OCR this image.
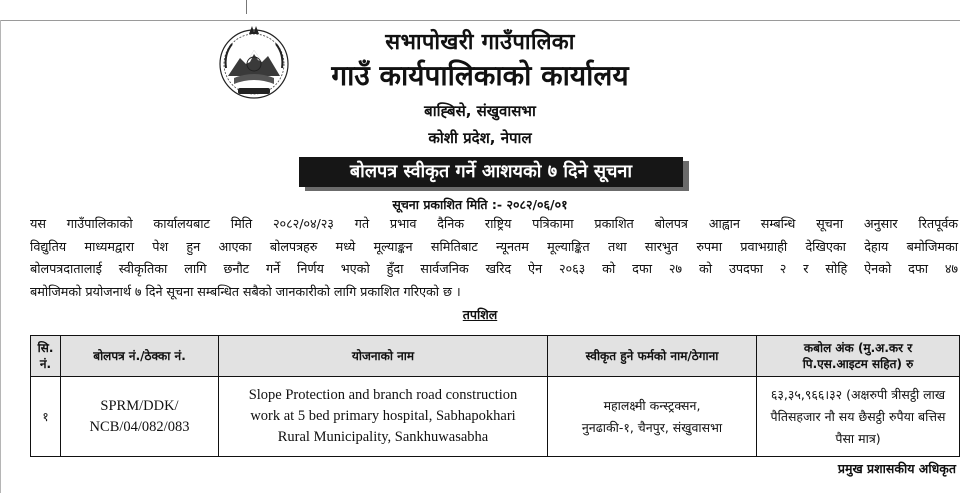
सभापोखरी गाउँपालिका
गाउँ कार्यपालिकाको कार्यालय
बाह्बिसे, संखुवासभा
कोशी प्रदेश, नेपाल
बोलपत्र स्वीकृत गर्ने आशयको ७ दिने सूचना
सूचना प्रकाशित मिति :- २०८२/०६/०१
यस गाउँपालिकाको कार्यालयबाट मिति २०८२/०४/२३ गते प्रभाव दैनिक राष्ट्रिय पत्रिकामा प्रकाशित बोलपत्र आह्वान सम्बन्धि सूचना अनुसार रितपूर्वक
विद्युतिय माध्यमद्वारा पेश हुन आएका बोलपत्रहरु मध्ये मूल्याङ्कन समितिबाट न्यूनतम मूल्याङ्कित तथा सारभुत रुपमा प्रवाभग्राही देखिएका देहाय बमोजिमका
बोलपत्रदातालाई स्वीकृतिका लागि छनौट गर्ने निर्णय भएको हुँदा सार्वजनिक खरिद ऐन २०६३ को दफा २७ को उपदफा २ र सोहि ऐनको दफा ४७
बमोजिमको प्रयोजनार्थ ७ दिने सूचना सम्बन्धित सबैको जानकारीको लागि प्रकाशित गरिएको छ ।
तपशिल
सि. नं.	बोलपत्र नं./ठेक्का नं.	योजनाको नाम	स्वीकृत हुने फर्मको नाम/ठेगाना	कबोल अंक (मु.अ.कर र पि.एस.आइटम सहित) रु

१	SPRM/DDK/ NCB/04/082/083	Slope Protection and branch road construction work at 5 bed primary hospital, Sabhapokhari Rural Municipality, Sankhuwasabha	महालक्ष्मी कन्स्ट्रक्सन, नुनढाकी-१, चैनपुर, संखुवासभा	६३,३५,९६६।३२ (अक्षरुपी त्रीसट्ठी लाख पैतिसहजार नौ सय छैसट्ठी रुपैया बत्तिस पैसा मात्र)
प्रमुख प्रशासकीय अधिकृत
